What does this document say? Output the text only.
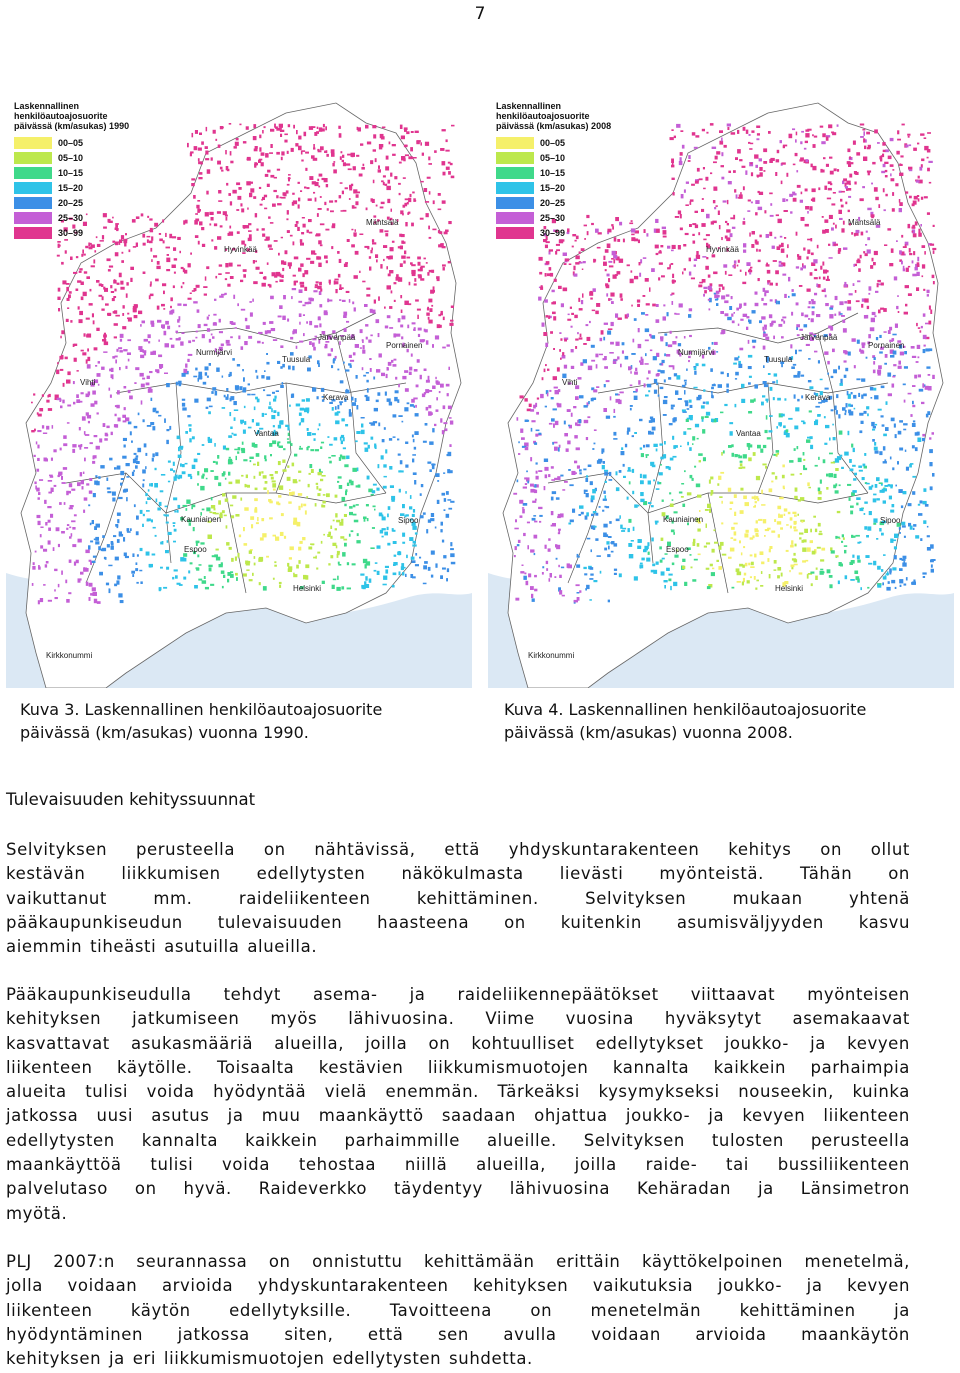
7
Laskennallinen
henkilöautoajosuorite
päivässä (km/asukas) 1990
00–05
05–10
10–15
15–20
20–25
25–30
30–99
Mäntsälä
Hyvinkää
Järvenpää
Pornainen
Nurmijärvi
Tuusula
Vihti
Kerava
Vantaa
Kauniainen
Espoo
Sipoo
Helsinki
Kirkkonummi
Laskennallinen
henkilöautoajosuorite
päivässä (km/asukas) 2008
00–05
05–10
10–15
15–20
20–25
25–30
30–99
Mäntsälä
Hyvinkää
Järvenpää
Pornainen
Nurmijärvi
Tuusula
Vihti
Kerava
Vantaa
Kauniainen
Espoo
Sipoo
Helsinki
Kirkkonummi
Kuva 3. Laskennallinen henkilöautoajosuorite
päivässä (km/asukas) vuonna 1990.
Kuva 4. Laskennallinen henkilöautoajosuorite
päivässä (km/asukas) vuonna 2008.
Tulevaisuuden kehityssuunnat
Selvityksen perusteella on nähtävissä, että yhdyskuntarakenteen kehitys on ollut
kestävän liikkumisen edellytysten näkökulmasta lievästi myönteistä. Tähän on
vaikuttanut mm. raideliikenteen kehittäminen. Selvityksen mukaan yhtenä
pääkaupunkiseudun tulevaisuuden haasteena on kuitenkin asumisväljyyden kasvu
aiemmin tiheästi asutuilla alueilla.
Pääkaupunkiseudulla tehdyt asema- ja raideliikennepäätökset viittaavat myönteisen
kehityksen jatkumiseen myös lähivuosina. Viime vuosina hyväksytyt asemakaavat
kasvattavat asukasmääriä alueilla, joilla on kohtuulliset edellytykset joukko- ja kevyen
liikenteen käytölle. Toisaalta kestävien liikkumismuotojen kannalta kaikkein parhaimpia
alueita tulisi voida hyödyntää vielä enemmän. Tärkeäksi kysymykseksi nouseekin, kuinka
jatkossa uusi asutus ja muu maankäyttö saadaan ohjattua joukko- ja kevyen liikenteen
edellytysten kannalta kaikkein parhaimmille alueille. Selvityksen tulosten perusteella
maankäyttöä tulisi voida tehostaa niillä alueilla, joilla raide- tai bussiliikenteen
palvelutaso on hyvä. Raideverkko täydentyy lähivuosina Kehäradan ja Länsimetron
myötä.
PLJ 2007:n seurannassa on onnistuttu kehittämään erittäin käyttökelpoinen menetelmä,
jolla voidaan arvioida yhdyskuntarakenteen kehityksen vaikutuksia joukko- ja kevyen
liikenteen käytön edellytyksille. Tavoitteena on menetelmän kehittäminen ja
hyödyntäminen jatkossa siten, että sen avulla voidaan arvioida maankäytön
kehityksen ja eri liikkumismuotojen edellytysten suhdetta.
